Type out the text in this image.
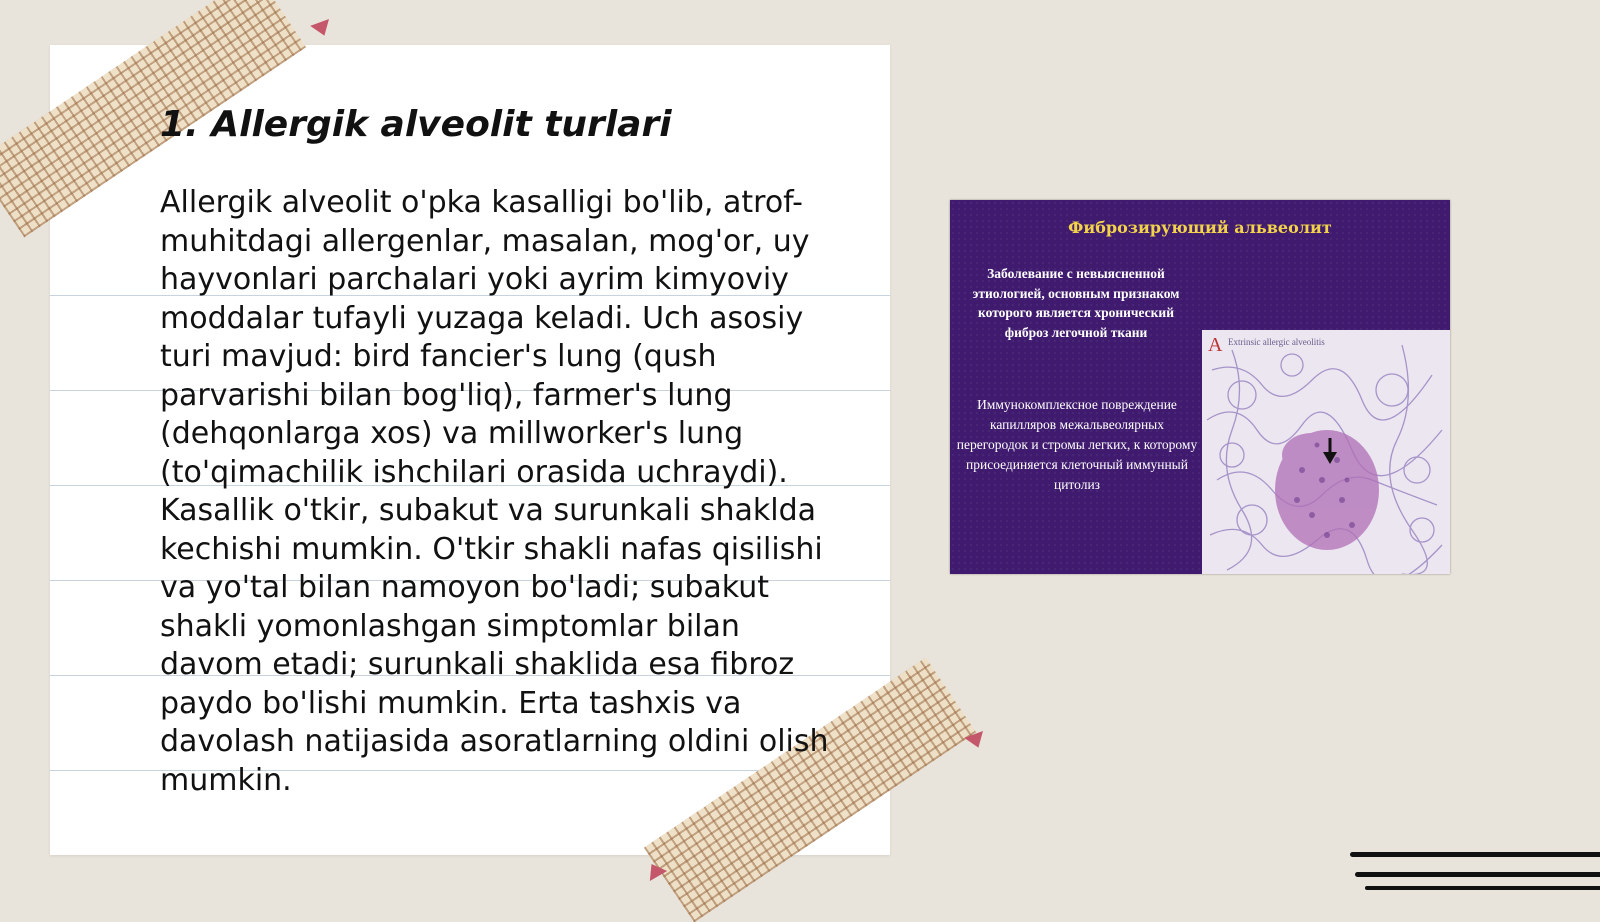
1. Allergik alveolit turlari

Allergik alveolit o'pka kasalligi bo'lib, atrof-muhitdagi allergenlar, masalan, mog'or, uy hayvonlari parchalari yoki ayrim kimyoviy moddalar tufayli yuzaga keladi. Uch asosiy turi mavjud: bird fancier's lung (qush parvarishi bilan bog'liq), farmer's lung (dehqonlarga xos) va millworker's lung (to'qimachilik ishchilari orasida uchraydi). Kasallik o'tkir, subakut va surunkali shaklda kechishi mumkin. O'tkir shakli nafas qisilishi va yo'tal bilan namoyon bo'ladi; subakut shakli yomonlashgan simptomlar bilan davom etadi; surunkali shaklida esa fibroz paydo bo'lishi mumkin. Erta tashxis va davolash natijasida asoratlarning oldini olish mumkin.

Фиброзирующий альвеолит
Заболевание с невыясненной этиологией, основным признаком которого является хронический фиброз легочной ткани
Иммунокомплексное повреждение капилляров межальвеолярных перегородок и стромы легких, к которому присоединяется клеточный иммунный цитолиз
A Extrinsic allergic alveolitis
